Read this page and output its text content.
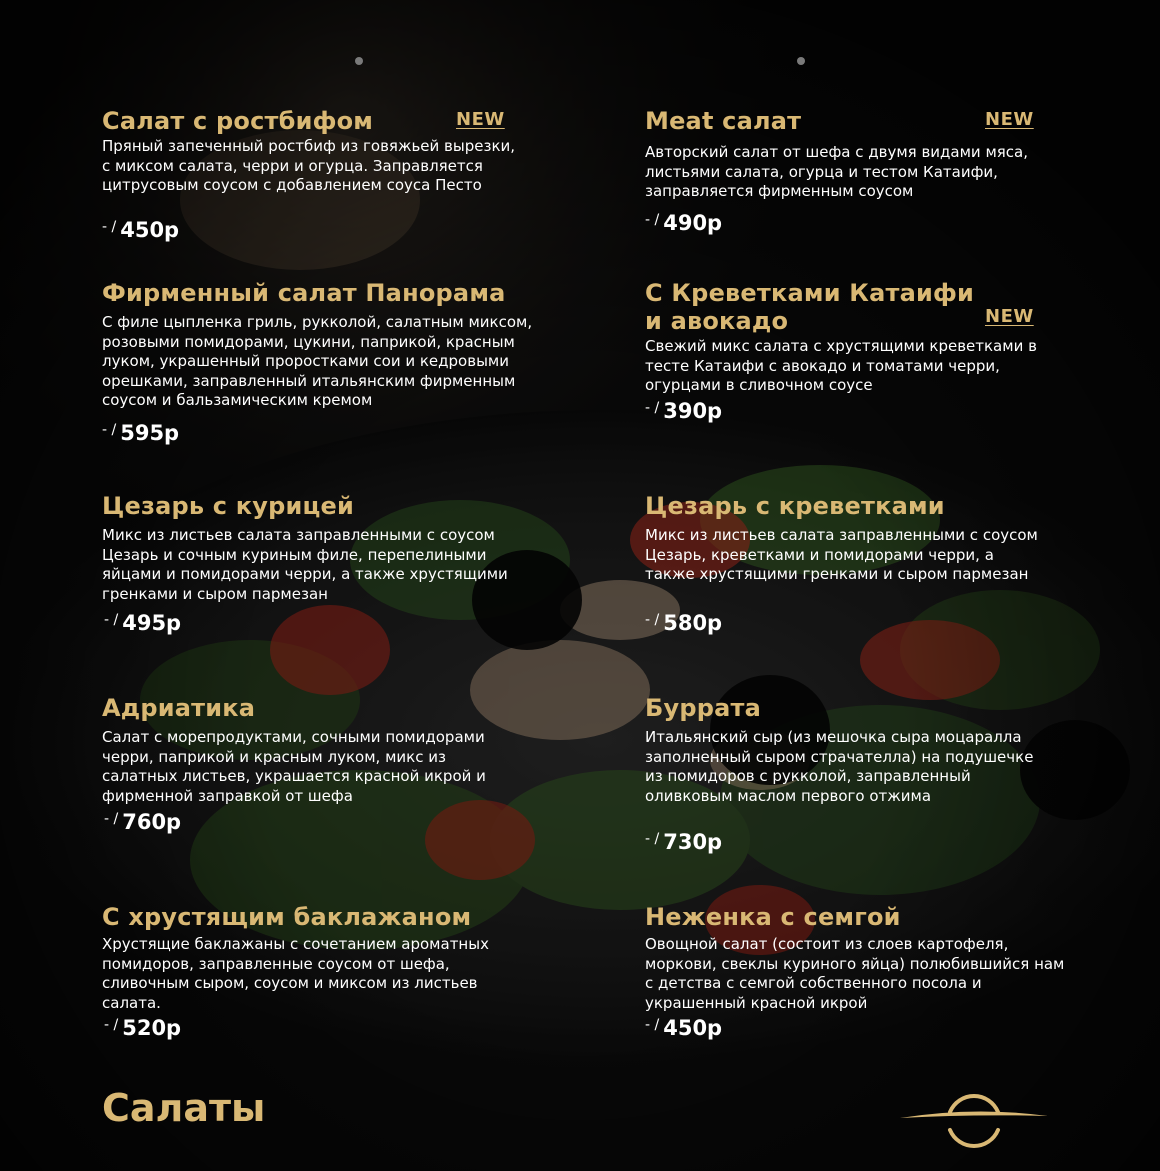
Салат с ростбифом

Пряный запеченный ростбиф из говяжьей вырезки, с миксом салата, черри и огурца. Заправляется цитрусовым соусом с добавлением соуса Песто

NEW
- / 450р
Meat салат

Авторский салат от шефа с двумя видами мяса, листьями салата, огурца и тестом Катаифи, заправляется фирменным соусом

NEW
- / 490р
Фирменный салат Панорама

С филе цыпленка гриль, рукколой, салатным миксом, розовыми помидорами, цукини, паприкой, красным луком, украшенный проростками сои и кедровыми орешками, заправленный итальянским фирменным соусом и бальзамическим кремом

- / 595р
С Креветками Катаифи и авокадо

Свежий микс салата с хрустящими креветками в тесте Катаифи с авокадо и томатами черри, огурцами в сливочном соусе

NEW
- / 390р
Цезарь с курицей

Микс из листьев салата заправленными с соусом Цезарь и сочным куриным филе, перепелиными яйцами и помидорами черри, а также хрустящими гренками и сыром пармезан

- / 495р
Цезарь с креветками

Микс из листьев салата заправленными с соусом Цезарь, креветками и помидорами черри, а также хрустящими гренками и сыром пармезан

- / 580р
Адриатика

Салат с морепродуктами, сочными помидорами черри, паприкой и красным луком, микс из салатных листьев, украшается красной икрой и фирменной заправкой от шефа

- / 760р
Буррата

Итальянский сыр (из мешочка сыра моцаралла заполненный сыром страчателла) на подушечке из помидоров с рукколой, заправленный оливковым маслом первого отжима

- / 730р
С хрустящим баклажаном

Хрустящие баклажаны с сочетанием ароматных помидоров, заправленные соусом от шефа, сливочным сыром, соусом и миксом из листьев салата.

- / 520р
Неженка с семгой

Овощной салат (состоит из слоев картофеля, моркови, свеклы куриного яйца) полюбившийся нам с детства с семгой собственного посола и украшенный красной икрой

- / 450р
Салаты
